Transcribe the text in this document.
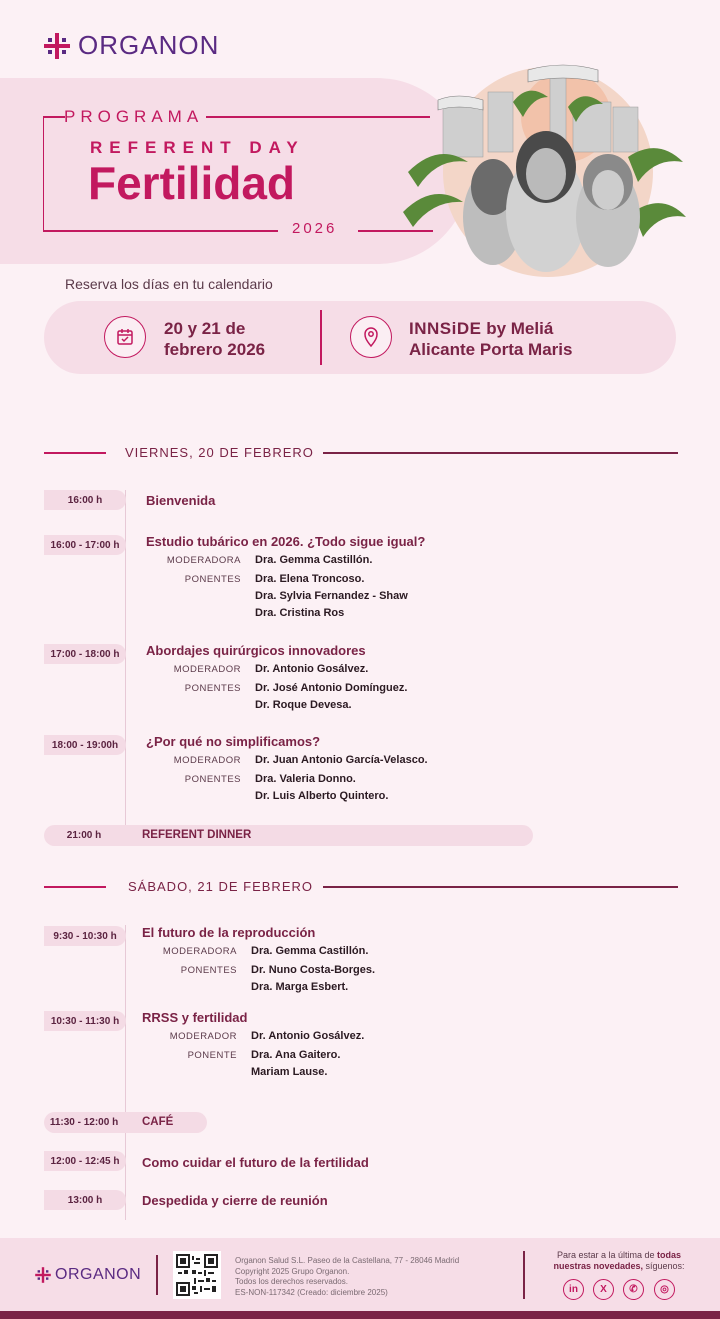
ORGANON
PROGRAMA
REFERENT DAY
Fertilidad
2026
Reserva los días en tu calendario
20 y 21 de
febrero 2026
INNSiDE by Meliá
Alicante Porta Maris
VIERNES, 20 DE FEBRERO
16:00 h	Bienvenida
16:00 - 17:00 h	Estudio tubárico en 2026. ¿Todo sigue igual?
MODERADORA Dra. Gemma Castillón.
PONENTES Dra. Elena Troncoso.
Dra. Sylvia Fernandez - Shaw
Dra. Cristina Ros
17:00 - 18:00 h	Abordajes quirúrgicos innovadores
MODERADOR Dr. Antonio Gosálvez.
PONENTES Dr. José Antonio Domínguez.
Dr. Roque Devesa.
18:00 - 19:00h	¿Por qué no simplificamos?
MODERADOR Dr. Juan Antonio García-Velasco.
PONENTES Dra. Valeria Donno.
Dr. Luis Alberto Quintero.
21:00 h	REFERENT DINNER
SÁBADO, 21 DE FEBRERO
9:30 - 10:30 h	El futuro de la reproducción
MODERADORA Dra. Gemma Castillón.
PONENTES Dr. Nuno Costa-Borges.
Dra. Marga Esbert.
10:30 - 11:30 h	RRSS y fertilidad
MODERADOR Dr. Antonio Gosálvez.
PONENTE Dra. Ana Gaitero.
Mariam Lause.
11:30 - 12:00 h	CAFÉ
12:00 - 12:45 h	Como cuidar el futuro de la fertilidad
13:00 h	Despedida y cierre de reunión
ORGANON
Organon Salud S.L. Paseo de la Castellana, 77 - 28046 Madrid
Copyright 2025 Grupo Organon.
Todos los derechos reservados.
ES-NON-117342 (Creado: diciembre 2025)
Para estar a la última de todas nuestras novedades, síguenos:
in	X	✆	◎
